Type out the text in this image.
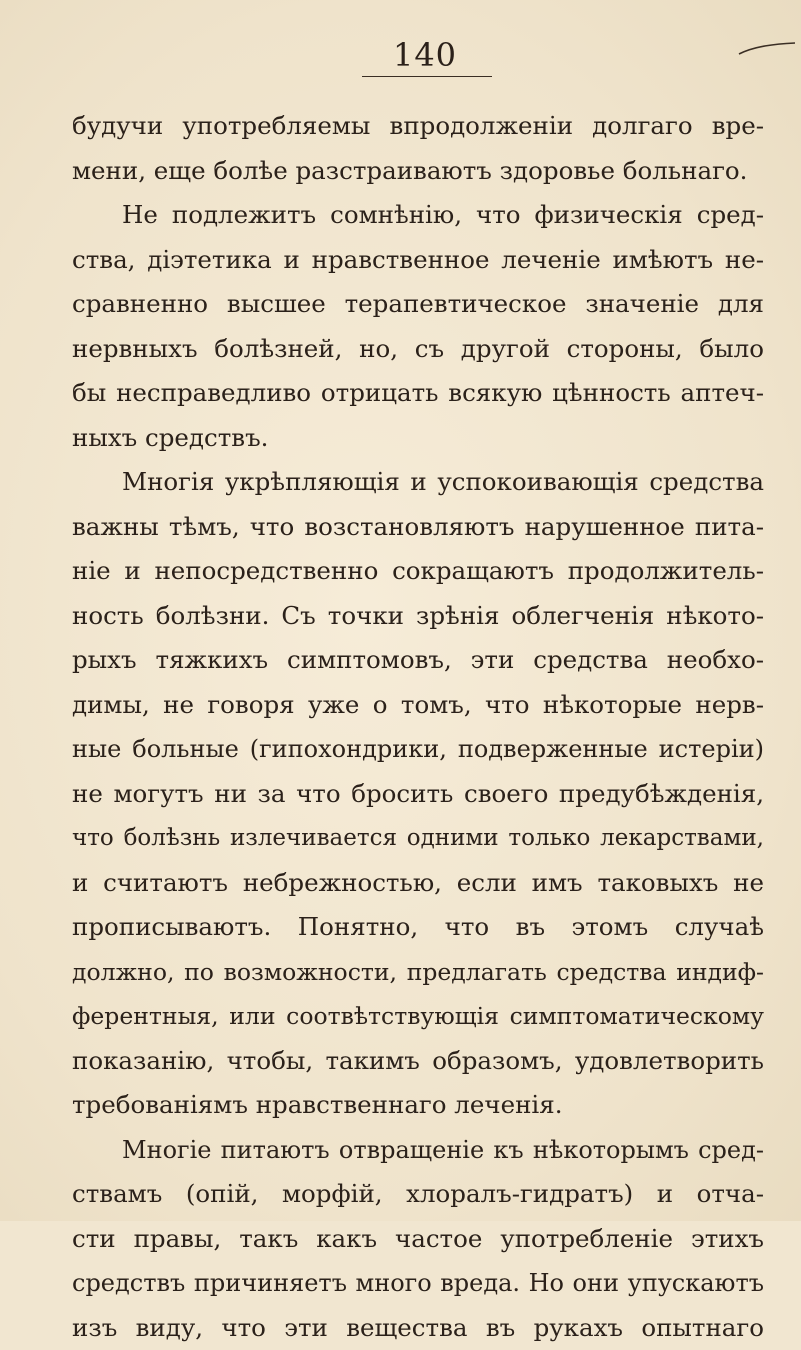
140
будучи употребляемы впродолженіи долгаго вре-
мени, еще болѣе разстраиваютъ здоровье больнаго.
Не подлежитъ сомнѣнію, что физическія сред-
ства, діэтетика и нравственное леченіе имѣютъ не-
сравненно высшее терапевтическое значеніе для
нервныхъ болѣзней, но, съ другой стороны, было
бы несправедливо отрицать всякую цѣнность аптеч-
ныхъ средствъ.
Многія укрѣпляющія и успокоивающія средства
важны тѣмъ, что возстановляютъ нарушенное пита-
ніе и непосредственно сокращаютъ продолжитель-
ность болѣзни. Съ точки зрѣнія облегченія нѣкото-
рыхъ тяжкихъ симптомовъ, эти средства необхо-
димы, не говоря уже о томъ, что нѣкоторые нерв-
ные больные (гипохондрики, подверженные истеріи)
не могутъ ни за что бросить своего предубѣжденія,
что болѣзнь излечивается одними только лекарствами,
и считаютъ небрежностью, если имъ таковыхъ не
прописываютъ. Понятно, что въ этомъ случаѣ
должно, по возможности, предлагать средства индиф-
ферентныя, или соотвѣтствующія симптоматическому
показанію, чтобы, такимъ образомъ, удовлетворить
требованіямъ нравственнаго леченія.
Многіе питаютъ отвращеніе къ нѣкоторымъ сред-
ствамъ (опій, морфій, хлоралъ-гидратъ) и отча-
сти правы, такъ какъ частое употребленіе этихъ
средствъ причиняетъ много вреда. Но они упускаютъ
изъ виду, что эти вещества въ рукахъ опытнаго
